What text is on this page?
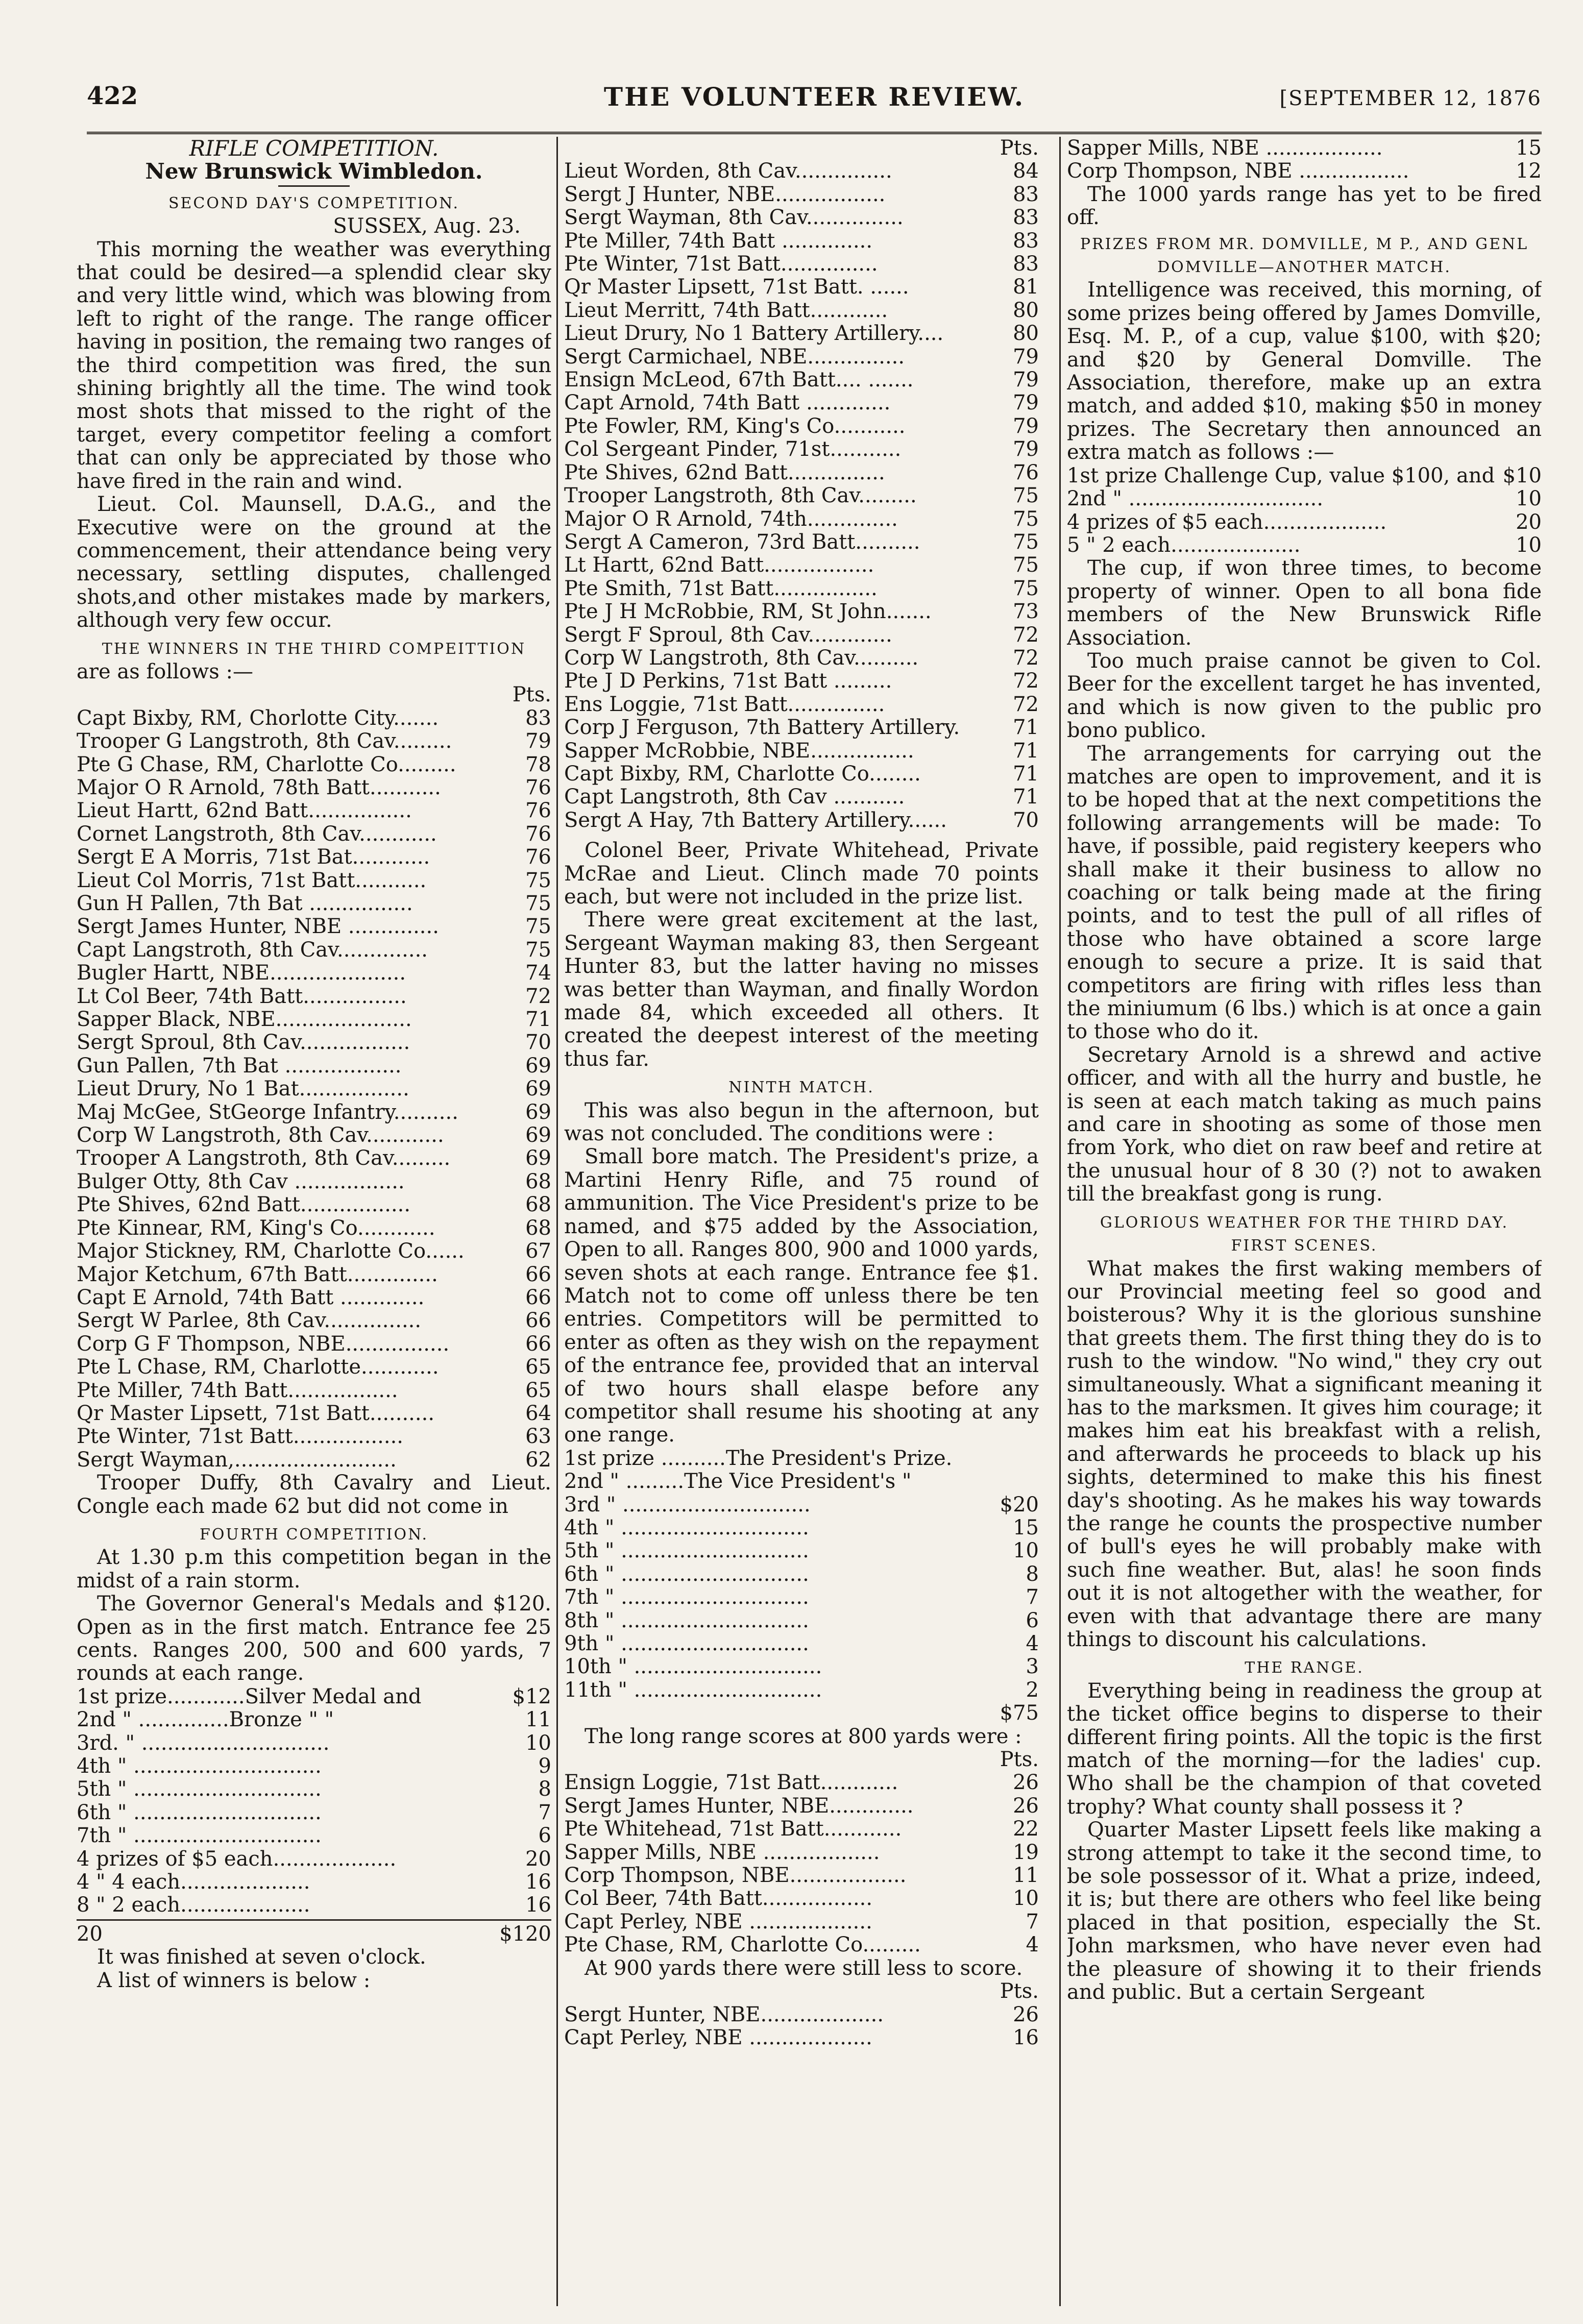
422	THE VOLUNTEER REVIEW.	[SEPTEMBER 12, 1876
RIFLE COMPETITION.
New Brunswick Wimbledon.
SECOND DAY'S COMPETITION.
SUSSEX, Aug. 23.

This morning the weather was everything that could be desired—a splendid clear sky and very little wind, which was blowing from left to right of the range. The range officer having in position, the remaing two ranges of the third competition was fired, the sun shining brightly all the time. The wind took most shots that missed to the right of the target, every competitor feeling a comfort that can only be appreciated by those who have fired in the rain and wind.

Lieut. Col. Maunsell, D.A.G., and the Executive were on the ground at the commencement, their attendance being very necessary, settling disputes, challenged shots,and other mistakes made by markers, although very few occur.

THE WINNERS IN THE THIRD COMPEITTION
are as follows :—
Pts.
Capt Bixby, RM, Chorlotte City.......	83
Trooper G Langstroth, 8th Cav.........	79
Pte G Chase, RM, Charlotte Co.........	78
Major O R Arnold, 78th Batt...........	76
Lieut Hartt, 62nd Batt................	76
Cornet Langstroth, 8th Cav............	76
Sergt E A Morris, 71st Bat............	76
Lieut Col Morris, 71st Batt...........	75
Gun H Pallen, 7th Bat ................	75
Sergt James Hunter, NBE ..............	75
Capt Langstroth, 8th Cav..............	75
Bugler Hartt, NBE.....................	74
Lt Col Beer, 74th Batt................	72
Sapper Black, NBE.....................	71
Sergt Sproul, 8th Cav.................	70
Gun Pallen, 7th Bat ..................	69
Lieut Drury, No 1 Bat.................	69
Maj McGee, StGeorge Infantry..........	69
Corp W Langstroth, 8th Cav............	69
Trooper A Langstroth, 8th Cav.........	69
Bulger Otty, 8th Cav .................	68
Pte Shives, 62nd Batt.................	68
Pte Kinnear, RM, King's Co............	68
Major Stickney, RM, Charlotte Co......	67
Major Ketchum, 67th Batt..............	66
Capt E Arnold, 74th Batt .............	66
Sergt W Parlee, 8th Cav...............	66
Corp G F Thompson, NBE................	66
Pte L Chase, RM, Charlotte............	65
Pte Miller, 74th Batt.................	65
Qr Master Lipsett, 71st Batt..........	64
Pte Winter, 71st Batt.................	63
Sergt Wayman,.........................	62

Trooper Duffy, 8th Cavalry and Lieut. Congle each made 62 but did not come in

FOURTH COMPETITION.

At 1.30 p.m this competition began in the midst of a rain storm.

The Governor General's Medals and $120. Open as in the first match. Entrance fee 25 cents. Ranges 200, 500 and 600 yards, 7 rounds at each range.

1st prize............Silver Medal and	$12
2nd " ..............Bronze " "	11
3rd. " .............................	10
4th " .............................	9
5th " .............................	8
6th " .............................	7
7th " .............................	6
4 prizes of $5 each...................	20
4 " 4 each....................	16
8 " 2 each....................	16
20	$120

It was finished at seven o'clock.

A list of winners is below :

Pts.
Lieut Worden, 8th Cav...............	84
Sergt J Hunter, NBE.................	83
Sergt Wayman, 8th Cav...............	83
Pte Miller, 74th Batt ..............	83
Pte Winter, 71st Batt...............	83
Qr Master Lipsett, 71st Batt. ......	81
Lieut Merritt, 74th Batt............	80
Lieut Drury, No 1 Battery Artillery....	80
Sergt Carmichael, NBE...............	79
Ensign McLeod, 67th Batt.... .......	79
Capt Arnold, 74th Batt .............	79
Pte Fowler, RM, King's Co...........	79
Col Sergeant Pinder, 71st...........	79
Pte Shives, 62nd Batt...............	76
Trooper Langstroth, 8th Cav.........	75
Major O R Arnold, 74th..............	75
Sergt A Cameron, 73rd Batt..........	75
Lt Hartt, 62nd Batt.................	75
Pte Smith, 71st Batt................	75
Pte J H McRobbie, RM, St John.......	73
Sergt F Sproul, 8th Cav.............	72
Corp W Langstroth, 8th Cav..........	72
Pte J D Perkins, 71st Batt .........	72
Ens Loggie, 71st Batt...............	72
Corp J Ferguson, 7th Battery Artillery.	71
Sapper McRobbie, NBE................	71
Capt Bixby, RM, Charlotte Co........	71
Capt Langstroth, 8th Cav ...........	71
Sergt A Hay, 7th Battery Artillery......	70

Colonel Beer, Private Whitehead, Private McRae and Lieut. Clinch made 70 points each, but were not included in the prize list.

There were great excitement at the last, Sergeant Wayman making 83, then Sergeant Hunter 83, but the latter having no misses was better than Wayman, and finally Wordon made 84, which exceeded all others. It created the deepest interest of the meeting thus far.

NINTH MATCH.

This was also begun in the afternoon, but was not concluded. The conditions were :

Small bore match. The President's prize, a Martini Henry Rifle, and 75 round of ammunition. The Vice President's prize to be named, and $75 added by the Association, Open to all. Ranges 800, 900 and 1000 yards, seven shots at each range. Entrance fee $1. Match not to come off unless there be ten entries. Competitors will be permitted to enter as often as they wish on the repayment of the entrance fee, provided that an interval of two hours shall elaspe before any competitor shall resume his shooting at any one range.

1st prize ..........The President's Prize.
2nd " .........The Vice President's "
3rd " .............................	$20
4th " .............................	15
5th " .............................	10
6th " .............................	8
7th " .............................	7
8th " .............................	6
9th " .............................	4
10th " .............................	3
11th " .............................	2
$75

The long range scores at 800 yards were :

Pts.
Ensign Loggie, 71st Batt............	26
Sergt James Hunter, NBE.............	26
Pte Whitehead, 71st Batt............	22
Sapper Mills, NBE ..................	19
Corp Thompson, NBE..................	11
Col Beer, 74th Batt.................	10
Capt Perley, NBE ...................	7
Pte Chase, RM, Charlotte Co.........	4

At 900 yards there were still less to score.

Pts.
Sergt Hunter, NBE...................	26
Capt Perley, NBE ...................	16
Sapper Mills, NBE ..................	15
Corp Thompson, NBE .................	12

The 1000 yards range has yet to be fired off.

PRIZES FROM MR. DOMVILLE, M P., AND GENL DOMVILLE—ANOTHER MATCH.

Intelligence was received, this morning, of some prizes being offered by James Domville, Esq. M. P., of a cup, value $100, with $20; and $20 by General Domville. The Association, therefore, make up an extra match, and added $10, making $50 in money prizes. The Secretary then announced an extra match as follows :—

1st prize Challenge Cup, value $100, and $10
2nd " ..............................	10
4 prizes of $5 each...................	20
5 " 2 each....................	10

The cup, if won three times, to become property of winner. Open to all bona fide members of the New Brunswick Rifle Association.

Too much praise cannot be given to Col. Beer for the excellent target he has invented, and which is now given to the public pro bono publico.

The arrangements for carrying out the matches are open to improvement, and it is to be hoped that at the next competitions the following arrangements will be made: To have, if possible, paid registery keepers who shall make it their business to allow no coaching or talk being made at the firing points, and to test the pull of all rifles of those who have obtained a score large enough to secure a prize. It is said that competitors are firing with rifles less than the miniumum (6 lbs.) which is at once a gain to those who do it.

Secretary Arnold is a shrewd and active officer, and with all the hurry and bustle, he is seen at each match taking as much pains and care in shooting as some of those men from York, who diet on raw beef and retire at the unusual hour of 8 30 (?) not to awaken till the breakfast gong is rung.

GLORIOUS WEATHER FOR THE THIRD DAY.
FIRST SCENES.

What makes the first waking members of our Provincial meeting feel so good and boisterous? Why it is the glorious sunshine that greets them. The first thing they do is to rush to the window. "No wind," they cry out simultaneously. What a significant meaning it has to the marksmen. It gives him courage; it makes him eat his breakfast with a relish, and afterwards he proceeds to black up his sights, determined to make this his finest day's shooting. As he makes his way towards the range he counts the prospective number of bull's eyes he will probably make with such fine weather. But, alas! he soon finds out it is not altogether with the weather, for even with that advantage there are many things to discount his calculations.

THE RANGE.

Everything being in readiness the group at the ticket office begins to disperse to their different firing points. All the topic is the first match of the morning—for the ladies' cup. Who shall be the champion of that coveted trophy? What county shall possess it ?

Quarter Master Lipsett feels like making a strong attempt to take it the second time, to be sole possessor of it. What a prize, indeed, it is; but there are others who feel like being placed in that position, especially the St. John marksmen, who have never even had the pleasure of showing it to their friends and public. But a certain Sergeant
